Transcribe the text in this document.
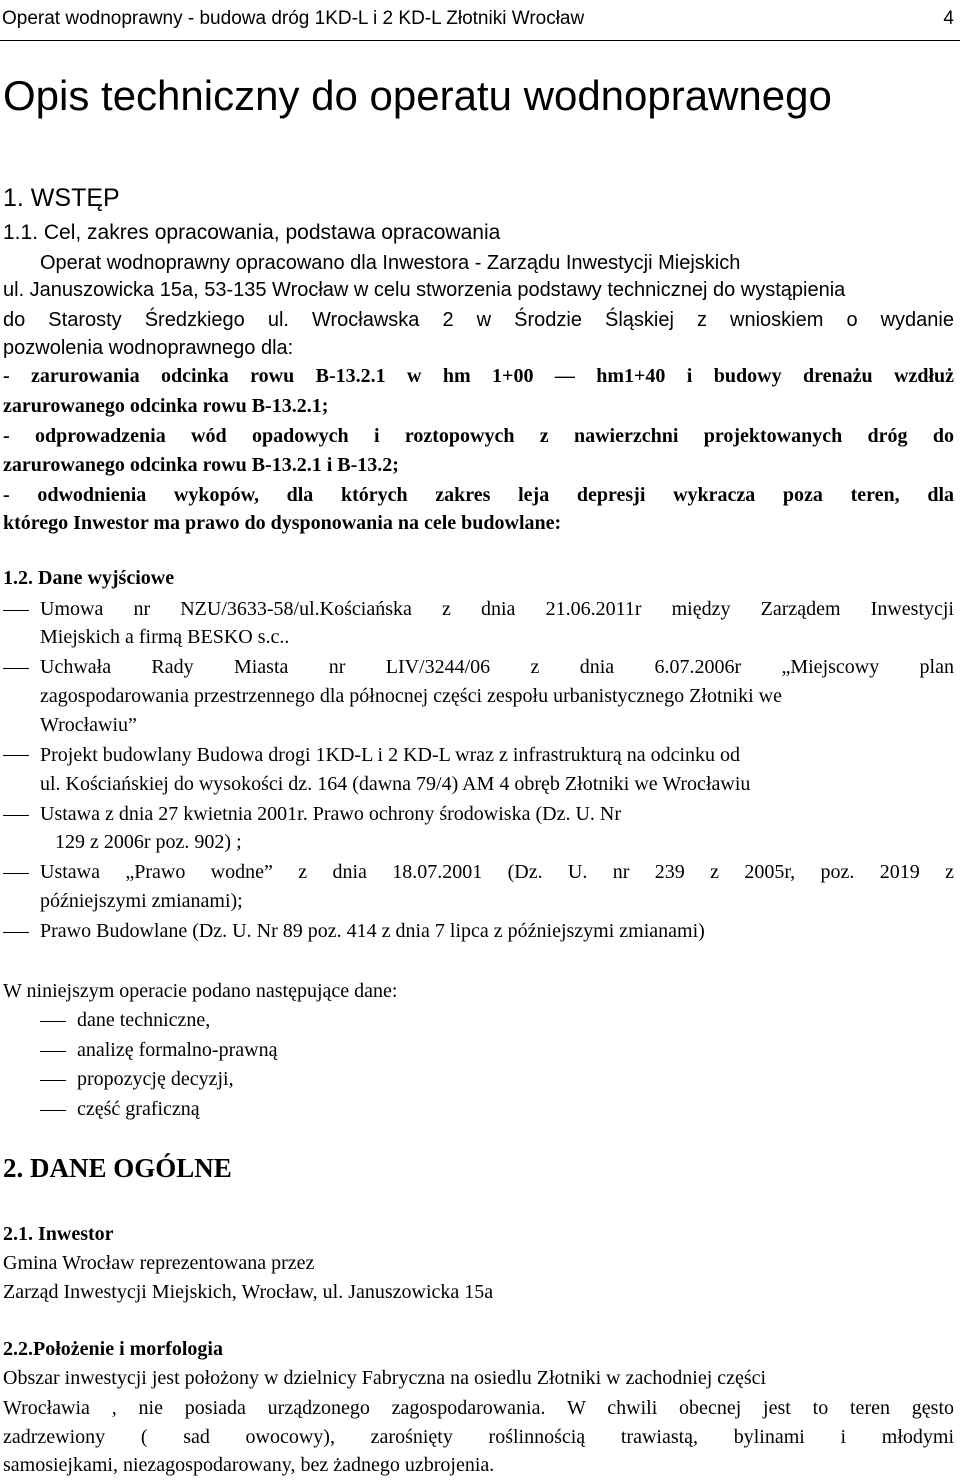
Operat wodnoprawny - budowa dróg 1KD-L i 2 KD-L Złotniki Wrocław	4
Opis techniczny do operatu wodnoprawnego
1. WSTĘP
1.1. Cel, zakres opracowania, podstawa opracowania
Operat wodnoprawny opracowano dla Inwestora - Zarządu Inwestycji Miejskich
ul. Januszowicka 15a, 53-135 Wrocław w celu stworzenia podstawy technicznej do wystąpienia
do Starosty Średzkiego ul. Wrocławska 2 w Środzie Śląskiej z wnioskiem o wydanie
pozwolenia wodnoprawnego dla:
- zarurowania odcinka rowu B-13.2.1 w hm 1+00 — hm1+40 i budowy drenażu wzdłuż
zarurowanego odcinka rowu B-13.2.1;
- odprowadzenia wód opadowych i roztopowych z nawierzchni projektowanych dróg do
zarurowanego odcinka rowu B-13.2.1 i B-13.2;
- odwodnienia wykopów, dla których zakres leja depresji wykracza poza teren, dla
którego Inwestor ma prawo do dysponowania na cele budowlane:
1.2. Dane wyjściowe
Umowa nr NZU/3633-58/ul.Kościańska z dnia 21.06.2011r między Zarządem Inwestycji
Miejskich a firmą BESKO s.c..
Uchwała Rady Miasta nr LIV/3244/06 z dnia 6.07.2006r „Miejscowy plan
zagospodarowania przestrzennego dla północnej części zespołu urbanistycznego Złotniki we
Wrocławiu”
Projekt budowlany Budowa drogi 1KD-L i 2 KD-L wraz z infrastrukturą na odcinku od
ul. Kościańskiej do wysokości dz. 164 (dawna 79/4) AM 4 obręb Złotniki we Wrocławiu
Ustawa z dnia 27 kwietnia 2001r. Prawo ochrony środowiska (Dz. U. Nr
129 z 2006r poz. 902) ;
Ustawa „Prawo wodne” z dnia 18.07.2001 (Dz. U. nr 239 z 2005r, poz. 2019 z
późniejszymi zmianami);
Prawo Budowlane (Dz. U. Nr 89 poz. 414 z dnia 7 lipca z późniejszymi zmianami)
W niniejszym operacie podano następujące dane:
dane techniczne,
analizę formalno-prawną
propozycję decyzji,
część graficzną
2. DANE OGÓLNE
2.1. Inwestor
Gmina Wrocław reprezentowana przez
Zarząd Inwestycji Miejskich, Wrocław, ul. Januszowicka 15a
2.2.Położenie i morfologia
Obszar inwestycji jest położony w dzielnicy Fabryczna na osiedlu Złotniki w zachodniej części
Wrocławia , nie posiada urządzonego zagospodarowania. W chwili obecnej jest to teren gęsto
zadrzewiony ( sad owocowy), zarośnięty roślinnością trawiastą, bylinami i młodymi
samosiejkami, niezagospodarowany, bez żadnego uzbrojenia.
